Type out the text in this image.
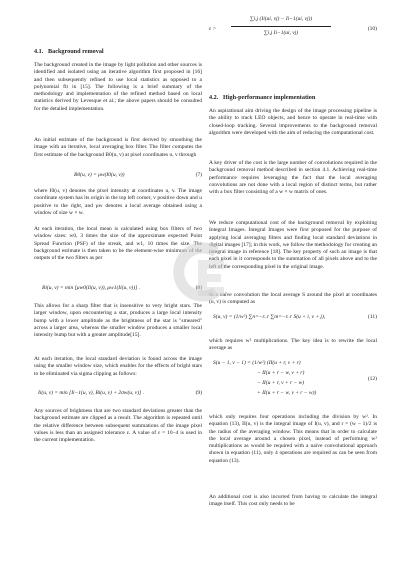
4.1. Background removal
The background created in the image by light pollution and other sources is identified and isolated using an iterative algorithm first proposed in [16] and then subsequently refined to use local statistics as opposed to a polynomial fit in [15]. The following is a brief summary of the methodology and implementation of the refined method based on local statistics derived by Levesque et al.; the above papers should be consulted for the detailed implementation.
An initial estimate of the background is first derived by smoothing the image with an iterative, local averaging box filter. The filter computes the first estimate of the background B0(u, v) at pixel coordinates u, v through
B0(u, v) = μw(I0(u, v))	(7)
where I0(u, v) denotes the pixel intensity at coordinates u, v. The image coordinate system has its origin in the top left corner, v positive down and u positive to the right, and μw denotes a local average obtained using a window of size w × w.
At each iteration, the local mean is calculated using box filters of two window sizes: w0, 3 times the size of the approximate expected Point Spread Function (PSF) of the streak, and w1, 10 times the size. The background estimate is then taken to be the element-wise minimum of the outputs of the two filters as per
Bi(u, v) = min [μw0(Ii(u, v)), μw1(Ii(u, v))] .	(8)
This allows for a sharp filter that is insensitive to very bright stars. The larger window, upon encountering a star, produces a large local intensity bump with a lower amplitude as the brightness of the star is "smeared" across a larger area, whereas the smaller window produces a smaller local intensity bump but with a greater amplitude[15].
At each iteration, the local standard deviation is found across the image using the smaller window size, which enables for the effects of bright stars to be eliminated via sigma clipping as follows:
Ii(u, v) = min [Ii−1(u, v), Bi(u, v) + 2σw(u, v)] .	(9)
Any sources of brightness that are two standard deviations greater than the background estimate are clipped as a result. The algorithm is repeated until the relative difference between subsequent summations of the image pixel values is less than an assigned tolerance ε. A value of ε = 10−4 is used in the current implementation.
ε >
∑i,j (Ii(ui, vj) − Ii−1(ui, vj))
∑i,j Ii−1(ui, vj)
(10)
4.2. High-performance implementation
An aspirational aim driving the design of the image processing pipeline is the ability to track LEO objects, and hence to operate in real-time with closed-loop tracking. Several improvements to the background removal algorithm were developed with the aim of reducing the computational cost.
A key driver of the cost is the large number of convolutions required in the background removal method described in section 4.1. Achieving real-time performance requires leveraging the fact that the local averaging convolutions are not done with a local region of distinct terms, but rather with a box filter consisting of a w × w matrix of ones.
We reduce computational cost of the background removal by exploiting Integral Images. Integral Images were first proposed for the purpose of applying local averaging filters and finding local standard deviations in digital images [17]; in this work, we follow the methodology for creating an integral image in reference [18]. The key property of such an image is that each pixel in it corresponds to the summation of all pixels above and to the left of the corresponding pixel in the original image.
In a naïve convolution the local average S around the pixel at coordinates (u, v) is computed as
S(u, v) = (1/w²) ∑n=−r..r ∑m=−r..r S(u + i, v + j),	(11)
which requires w² multiplications. The key idea is to rewrite the local average as
S(u − 1, v − 1) = (1/w²) (II(u + r, v + r)
− II(u + r − w, v + r)
− II(u + r, v + r − w)
+ II(u + r − w, v + r − w))
(12)
which only requires four operations including the division by w². In equation (13), II(u, v) is the integral image of I(u, v), and r = (w − 1)/2 is the radius of the averaging window. This means that in order to calculate the local average around a chosen pixel, instead of performing w² multiplications as would be required with a naïve convolutional approach shown in equation (11), only 4 operations are required as can be seen from equation (13).
An additional cost is also incurred from having to calculate the integral image itself. This cost only needs to be
